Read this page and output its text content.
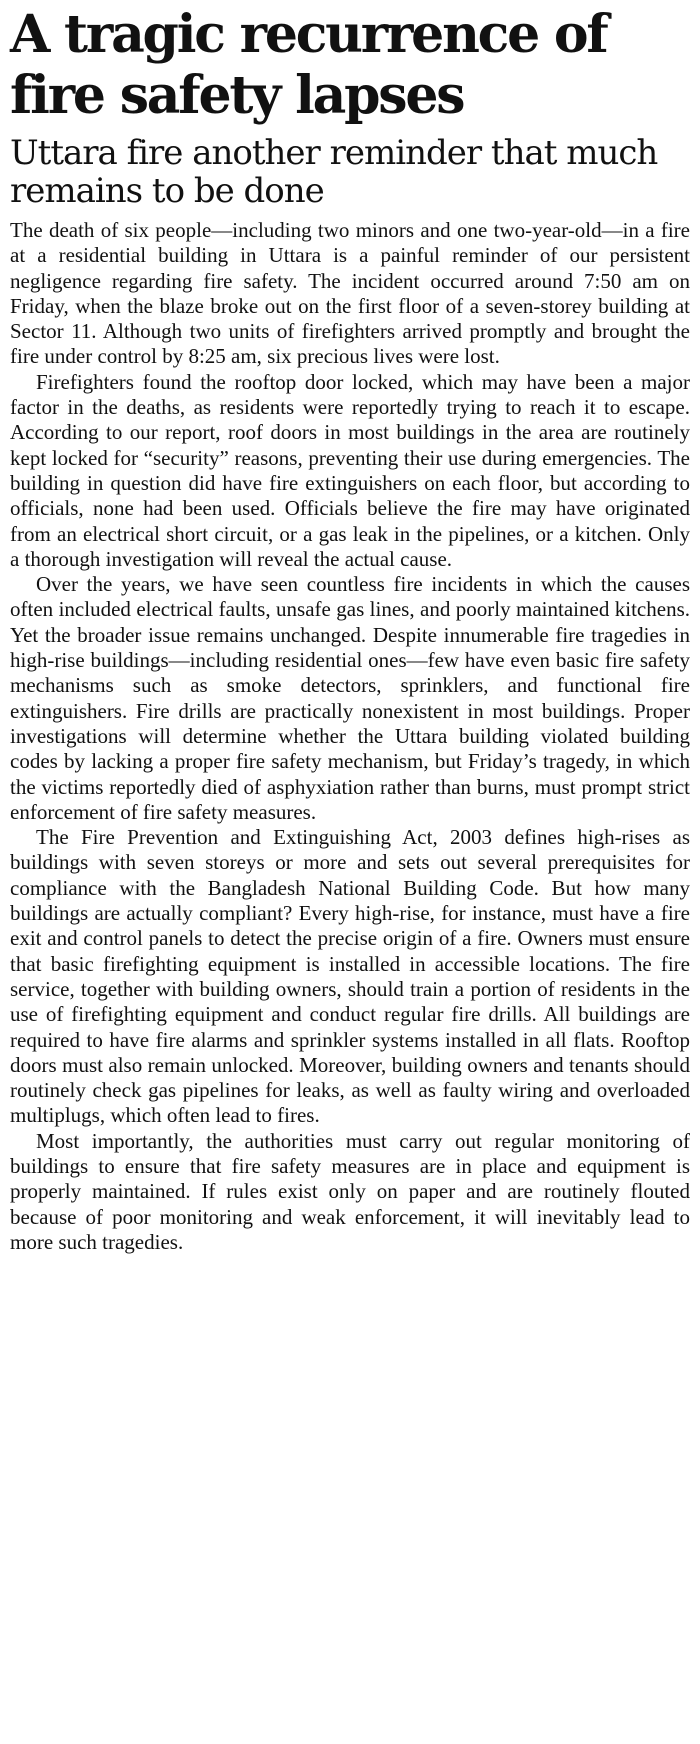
A tragic recurrence of fire safety lapses
Uttara fire another reminder that much remains to be done

The death of six people—including two minors and one two-year-old—in a fire at a residential building in Uttara is a painful reminder of our persistent negligence regarding fire safety. The incident occurred around 7:50 am on Friday, when the blaze broke out on the first floor of a seven-storey building at Sector 11. Although two units of firefighters arrived promptly and brought the fire under control by 8:25 am, six precious lives were lost.

Firefighters found the rooftop door locked, which may have been a major factor in the deaths, as residents were reportedly trying to reach it to escape. According to our report, roof doors in most buildings in the area are routinely kept locked for “security” reasons, preventing their use during emergencies. The building in question did have fire extinguishers on each floor, but according to officials, none had been used. Officials believe the fire may have originated from an electrical short circuit, or a gas leak in the pipelines, or a kitchen. Only a thorough investigation will reveal the actual cause.

Over the years, we have seen countless fire incidents in which the causes often included electrical faults, unsafe gas lines, and poorly maintained kitchens. Yet the broader issue remains unchanged. Despite innumerable fire tragedies in high-rise buildings—including residential ones—few have even basic fire safety mechanisms such as smoke detectors, sprinklers, and functional fire extinguishers. Fire drills are practically nonexistent in most buildings. Proper investigations will determine whether the Uttara building violated building codes by lacking a proper fire safety mechanism, but Friday’s tragedy, in which the victims reportedly died of asphyxiation rather than burns, must prompt strict enforcement of fire safety measures.

The Fire Prevention and Extinguishing Act, 2003 defines high-rises as buildings with seven storeys or more and sets out several prerequisites for compliance with the Bangladesh National Building Code. But how many buildings are actually compliant? Every high-rise, for instance, must have a fire exit and control panels to detect the precise origin of a fire. Owners must ensure that basic firefighting equipment is installed in accessible locations. The fire service, together with building owners, should train a portion of residents in the use of firefighting equipment and conduct regular fire drills. All buildings are required to have fire alarms and sprinkler systems installed in all flats. Rooftop doors must also remain unlocked. Moreover, building owners and tenants should routinely check gas pipelines for leaks, as well as faulty wiring and overloaded multiplugs, which often lead to fires.

Most importantly, the authorities must carry out regular monitoring of buildings to ensure that fire safety measures are in place and equipment is properly maintained. If rules exist only on paper and are routinely flouted because of poor monitoring and weak enforcement, it will inevitably lead to more such tragedies.
